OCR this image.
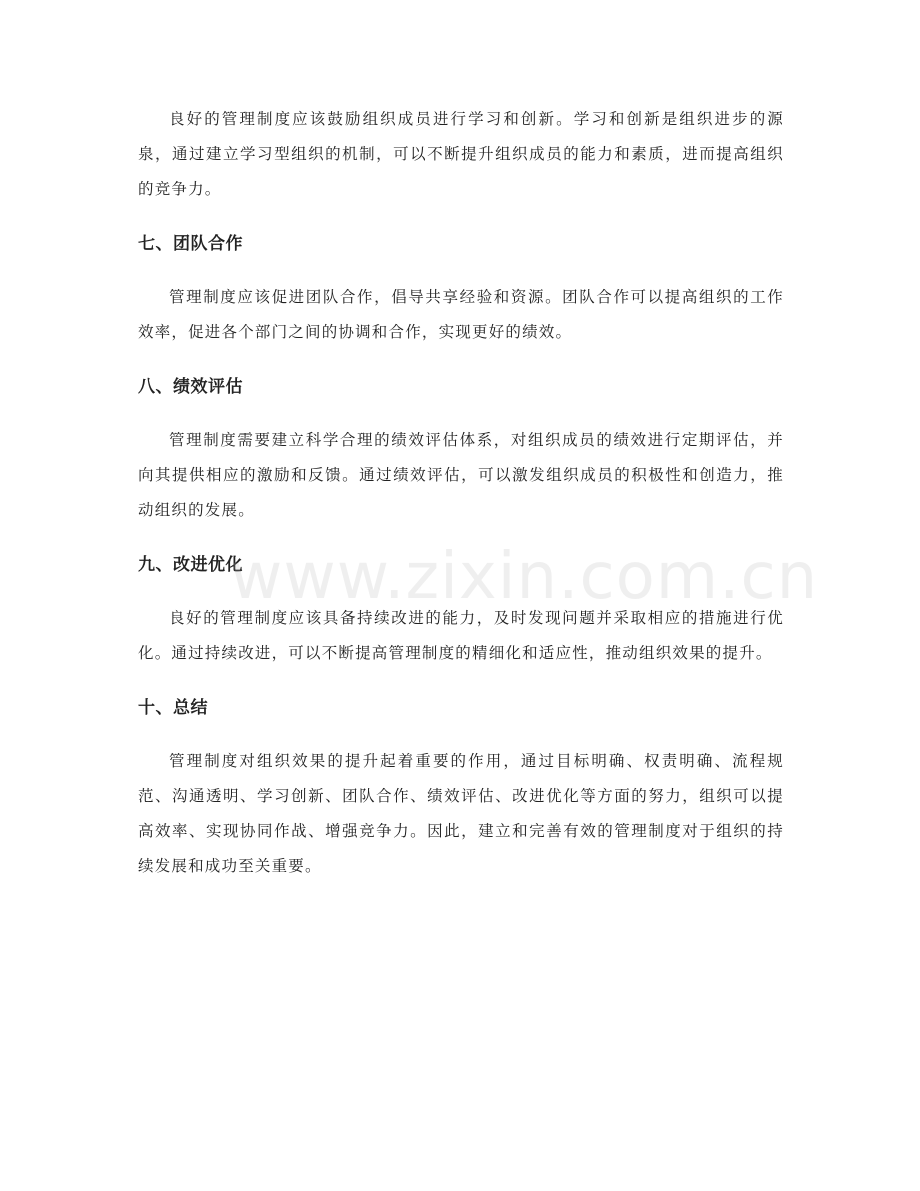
良好的管理制度应该鼓励组织成员进行学习和创新。学习和创新是组织进步的源泉，通过建立学习型组织的机制，可以不断提升组织成员的能力和素质，进而提高组织的竞争力。

七、团队合作

管理制度应该促进团队合作，倡导共享经验和资源。团队合作可以提高组织的工作效率，促进各个部门之间的协调和合作，实现更好的绩效。

八、绩效评估

管理制度需要建立科学合理的绩效评估体系，对组织成员的绩效进行定期评估，并向其提供相应的激励和反馈。通过绩效评估，可以激发组织成员的积极性和创造力，推动组织的发展。

九、改进优化

良好的管理制度应该具备持续改进的能力，及时发现问题并采取相应的措施进行优化。通过持续改进，可以不断提高管理制度的精细化和适应性，推动组织效果的提升。

十、总结

管理制度对组织效果的提升起着重要的作用，通过目标明确、权责明确、流程规范、沟通透明、学习创新、团队合作、绩效评估、改进优化等方面的努力，组织可以提高效率、实现协同作战、增强竞争力。因此，建立和完善有效的管理制度对于组织的持续发展和成功至关重要。

www.zixin.com.cn
